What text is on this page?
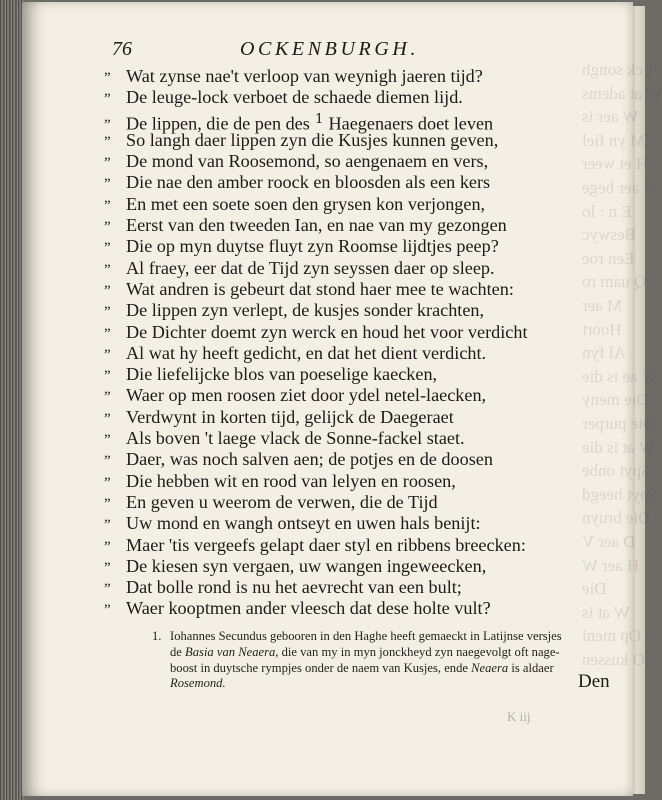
I ck songh
W at adems
W aer is
M yn fiel
H et weer
H aer bege
E n : lo
Beswyc
Een roe
Q uam ro
M aer
Hoort
Al fyn
W ae is die
Die meny
Die purper
W at is die
Spyt onbe
Spyt heegd
Die bruyn
D aer V
H aer W
Die
W at is
Op meni
O kussen
76	OCKENBURGH.
” Wat zynse nae't verloop van weynigh jaeren tijd?
” De leuge-lock verboet de schaede diemen lijd.
” De lippen, die de pen des $^1$ Haegenaers doet leven
” So langh daer lippen zyn die Kusjes kunnen geven,
” De mond van Roosemond, so aengenaem en vers,
” Die nae den amber roock en bloosden als een kers
” En met een soete soen den grysen kon verjongen,
” Eerst van den tweeden Ian, en nae van my gezongen
” Die op myn duytse fluyt zyn Roomse lijdtjes peep?
” Al fraey, eer dat de Tijd zyn seyssen daer op sleep.
” Wat andren is gebeurt dat stond haer mee te wachten:
” De lippen zyn verlept, de kusjes sonder krachten,
” De Dichter doemt zyn werck en houd het voor verdicht
” Al wat hy heeft gedicht, en dat het dient verdicht.
” Die liefelijcke blos van poeselige kaecken,
” Waer op men roosen ziet door ydel netel-laecken,
” Verdwynt in korten tijd, gelijck de Daegeraet
” Als boven 't laege vlack de Sonne-fackel staet.
” Daer, was noch salven aen; de potjes en de doosen
” Die hebben wit en rood van lelyen en roosen,
” En geven u weerom de verwen, die de Tijd
” Uw mond en wangh ontseyt en uwen hals benijt:
” Maer 'tis vergeefs gelapt daer styl en ribbens breecken:
” De kiesen syn vergaen, uw wangen ingeweecken,
” Dat bolle rond is nu het aevrecht van een bult;
” Waer kooptmen ander vleesch dat dese holte vult?
1. Iohannes Secundus gebooren in den Haghe heeft gemaeckt in Latijnse versjes
de Basia van Neaera, die van my in myn jonckheyd zyn naegevolgt oft nage-
boost in duytsche rympjes onder de naem van Kusjes, ende Neaera is aldaer
Rosemond.	Den
K iij
